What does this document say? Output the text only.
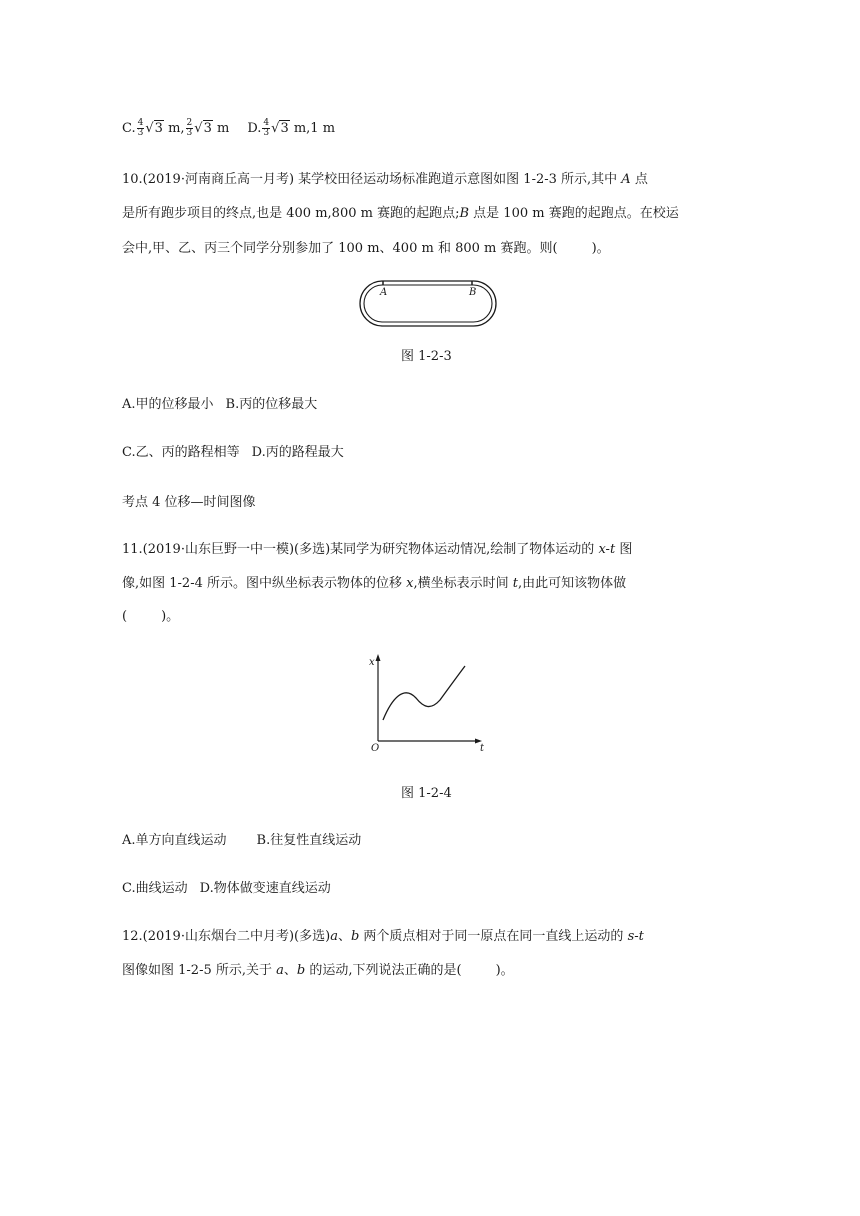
C. $\frac{4}{3} √3$ m, $\frac{2}{3} √3$ m D. $\frac{4}{3} √3$ m,1 m
10.(2019·河南商丘高一月考) 某学校田径运动场标准跑道示意图如图 1-2-3 所示,其中 A 点
是所有跑步项目的终点,也是 400 m,800 m 赛跑的起跑点;B 点是 100 m 赛跑的起跑点。在校运
会中,甲、乙、丙三个同学分别参加了 100 m、400 m 和 800 m 赛跑。则(	)。
A	B
图 1-2-3
A.甲的位移最小 B.丙的位移最大
C.乙、丙的路程相等 D.丙的路程最大
考点 4 位移—时间图像
11.(2019·山东巨野一中一模)(多选)某同学为研究物体运动情况,绘制了物体运动的 x-t 图
像,如图 1-2-4 所示。图中纵坐标表示物体的位移 x,横坐标表示时间 t,由此可知该物体做
(	)。
x
t
O
图 1-2-4
A.单方向直线运动 B.往复性直线运动
C.曲线运动 D.物体做变速直线运动
12.(2019·山东烟台二中月考)(多选)a、b 两个质点相对于同一原点在同一直线上运动的 s-t
图像如图 1-2-5 所示,关于 a、b 的运动,下列说法正确的是(	)。
